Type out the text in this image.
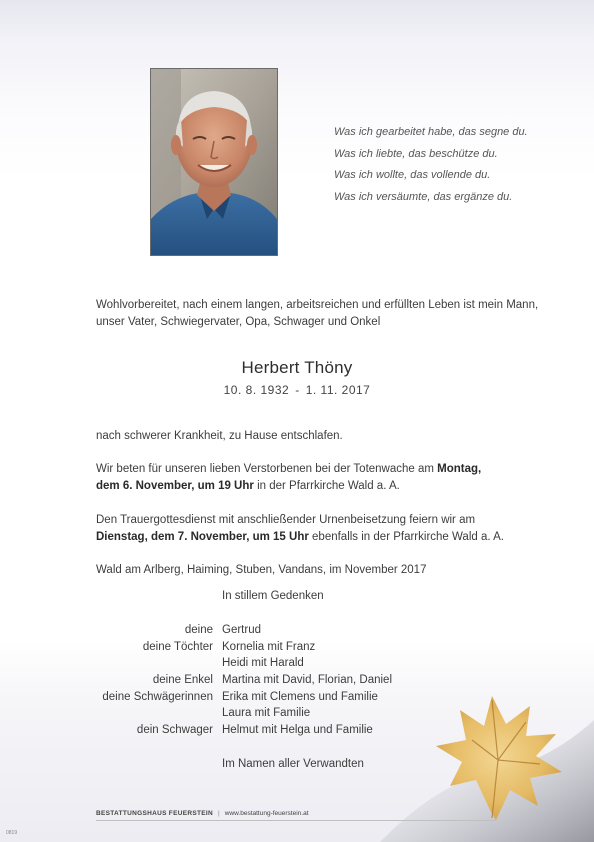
Was ich gearbeitet habe, das segne du.
Was ich liebte, das beschütze du.
Was ich wollte, das vollende du.
Was ich versäumte, das ergänze du.
Wohlvorbereitet, nach einem langen, arbeitsreichen und erfüllten Leben ist mein Mann, unser Vater, Schwiegervater, Opa, Schwager und Onkel
Herbert Thöny
10. 8. 1932 - 1. 11. 2017
nach schwerer Krankheit, zu Hause entschlafen.
Wir beten für unseren lieben Verstorbenen bei der Totenwache am Montag,
dem 6. November, um 19 Uhr in der Pfarrkirche Wald a. A.
Den Trauergottesdienst mit anschließender Urnenbeisetzung feiern wir am
Dienstag, dem 7. November, um 15 Uhr ebenfalls in der Pfarrkirche Wald a. A.
Wald am Arlberg, Haiming, Stuben, Vandans, im November 2017
In stillem Gedenken
deine Gertrud
deine Töchter Kornelia mit Franz
Heidi mit Harald
deine Enkel Martina mit David, Florian, Daniel
deine Schwägerinnen Erika mit Clemens und Familie
Laura mit Familie
dein Schwager Helmut mit Helga und Familie
Im Namen aller Verwandten
BESTATTUNGSHAUS FEUERSTEIN | www.bestattung-feuerstein.at
0819
